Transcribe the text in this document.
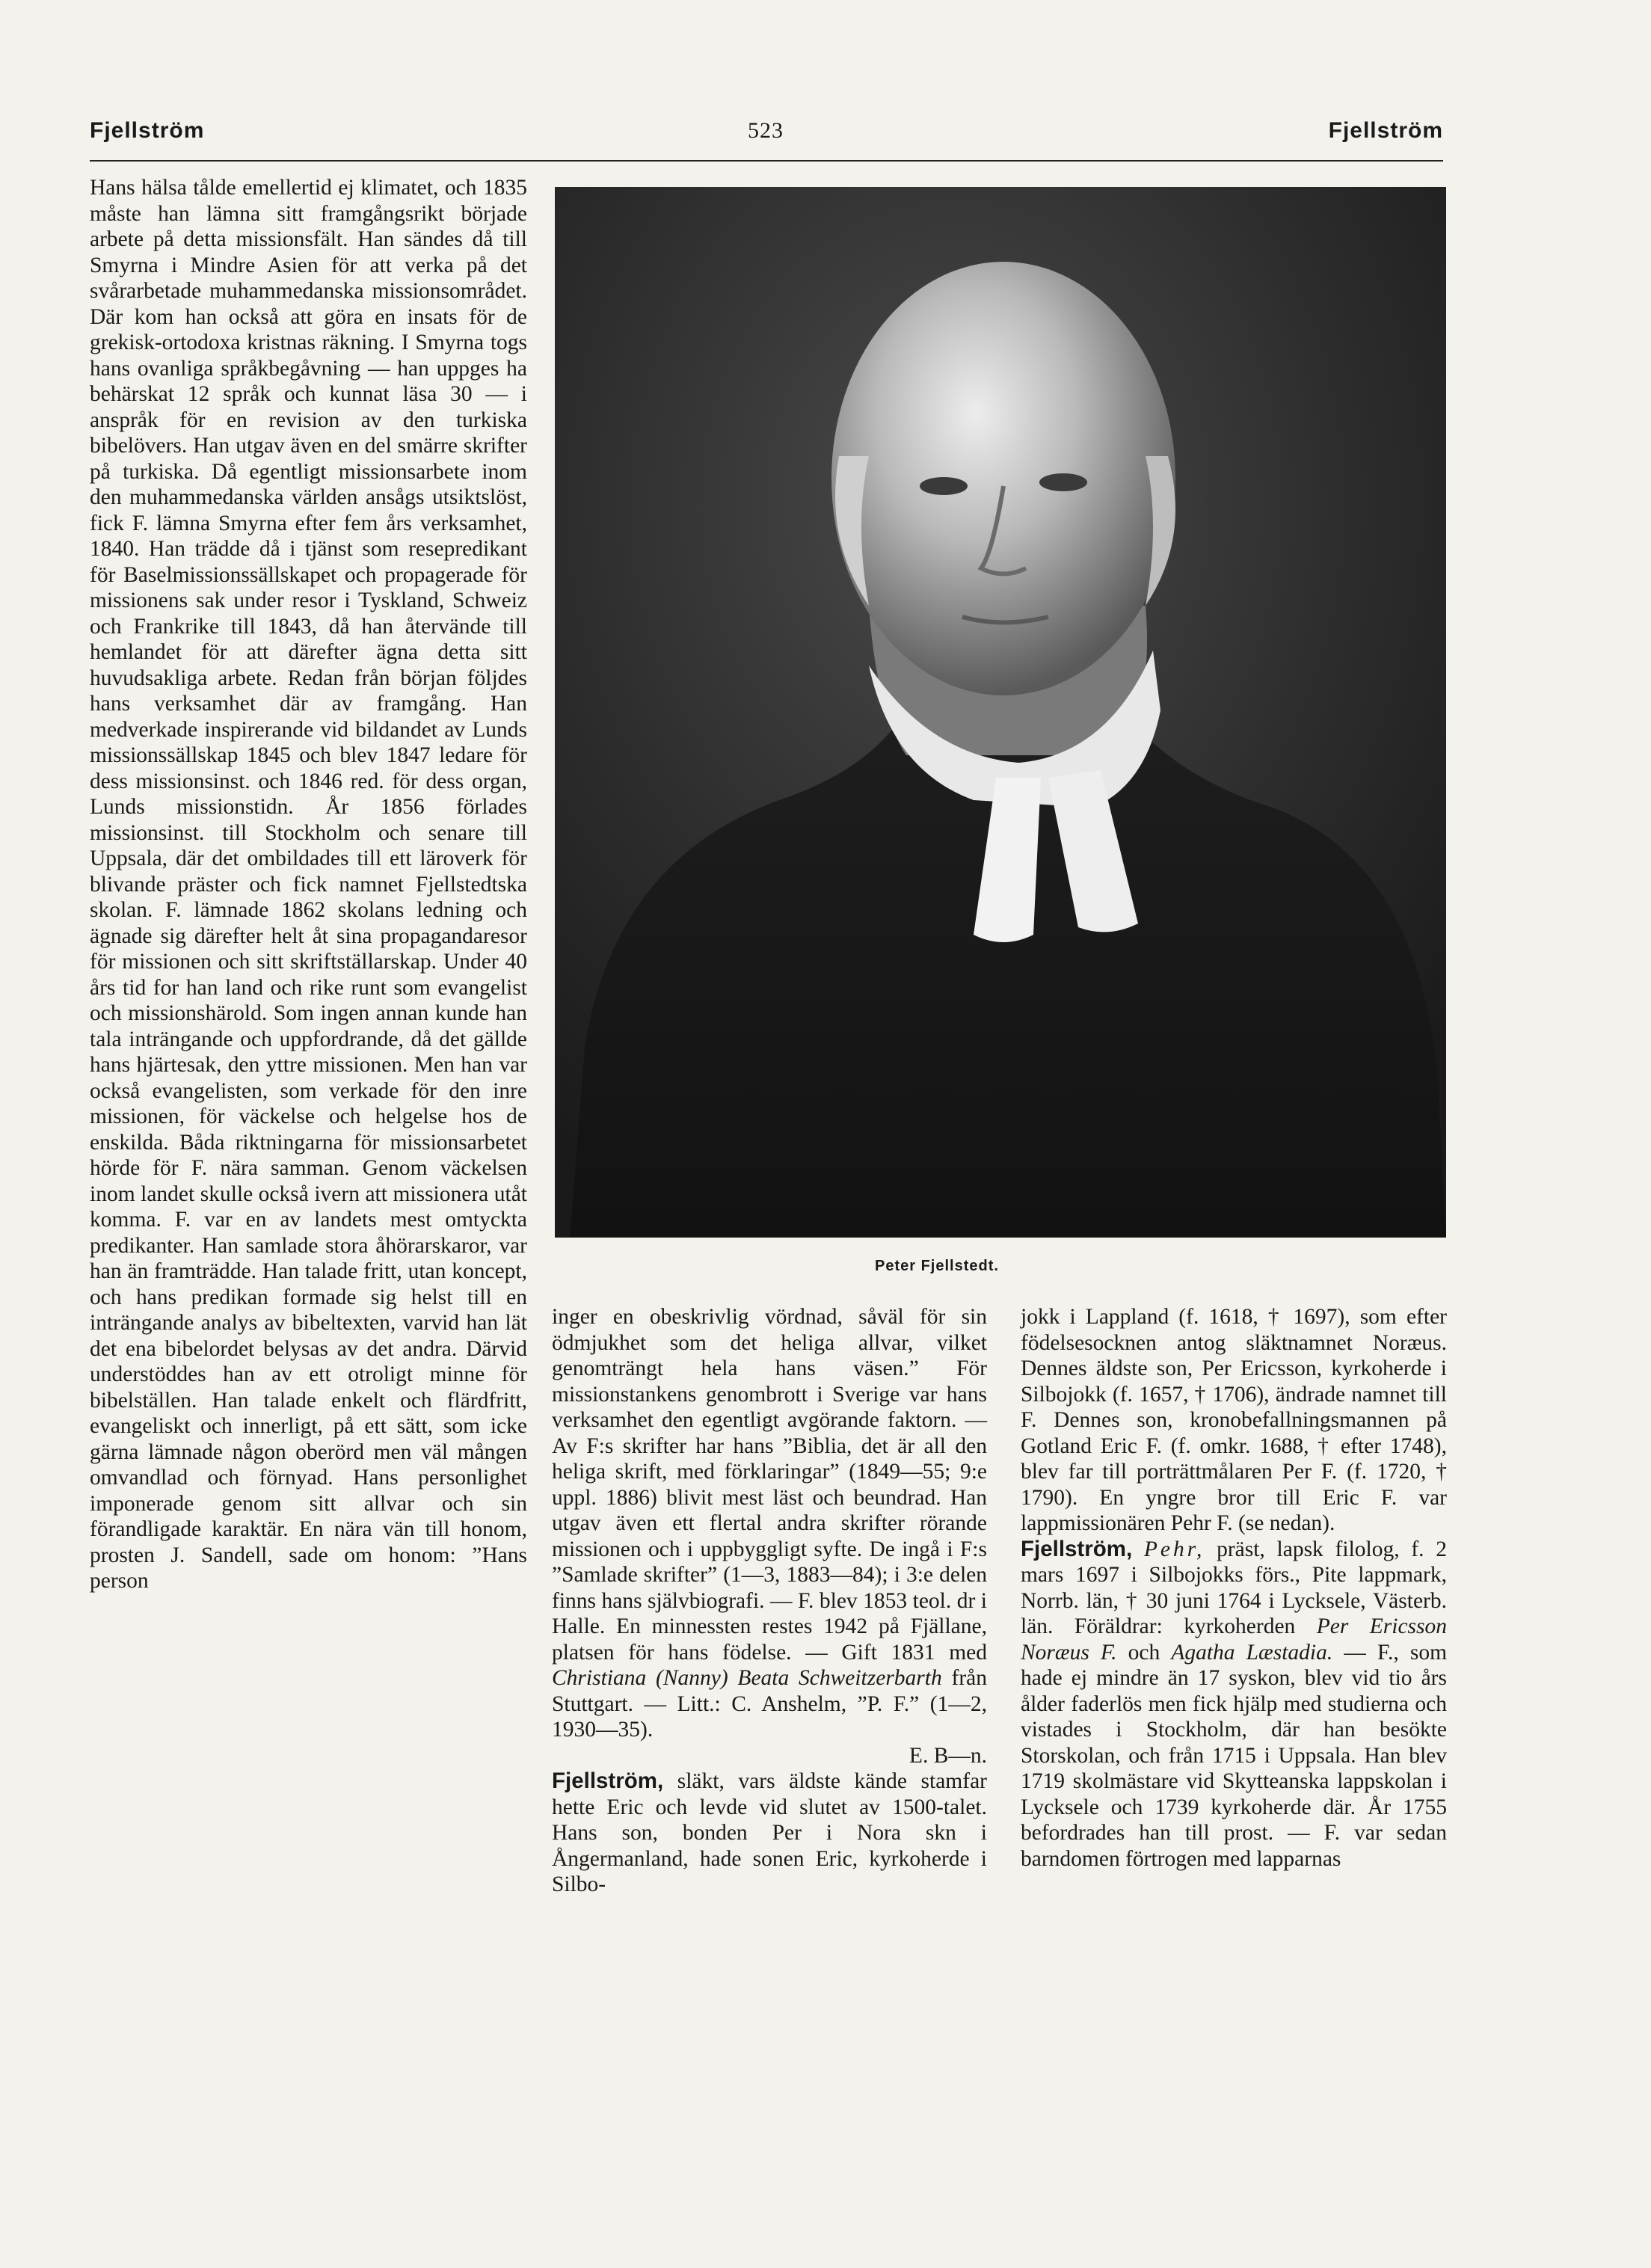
Fjellström	523	Fjellström

Hans hälsa tålde emellertid ej klimatet, och 1835 måste han lämna sitt framgångsrikt började arbete på detta missionsfält. Han sändes då till Smyrna i Mindre Asien för att verka på det svårarbetade muhammedanska missionsområdet. Där kom han också att göra en insats för de grekisk-ortodoxa kristnas räkning. I Smyrna togs hans ovanliga språkbegåvning — han uppges ha behärskat 12 språk och kunnat läsa 30 — i anspråk för en revision av den turkiska bibelövers. Han utgav även en del smärre skrifter på turkiska. Då egentligt missionsarbete inom den muhammedanska världen ansågs utsiktslöst, fick F. lämna Smyrna efter fem års verksamhet, 1840. Han trädde då i tjänst som resepredikant för Baselmissionssällskapet och propagerade för missionens sak under resor i Tyskland, Schweiz och Frankrike till 1843, då han återvände till hemlandet för att därefter ägna detta sitt huvudsakliga arbete. Redan från början följdes hans verksamhet där av framgång. Han medverkade inspirerande vid bildandet av Lunds missionssällskap 1845 och blev 1847 ledare för dess missionsinst. och 1846 red. för dess organ, Lunds missionstidn. År 1856 förlades missionsinst. till Stockholm och senare till Uppsala, där det ombildades till ett läroverk för blivande präster och fick namnet Fjellstedtska skolan. F. lämnade 1862 skolans ledning och ägnade sig därefter helt åt sina propagandaresor för missionen och sitt skriftställarskap. Under 40 års tid for han land och rike runt som evangelist och missionshärold. Som ingen annan kunde han tala inträngande och uppfordrande, då det gällde hans hjärtesak, den yttre missionen. Men han var också evangelisten, som verkade för den inre missionen, för väckelse och helgelse hos de enskilda. Båda riktningarna för missionsarbetet hörde för F. nära samman. Genom väckelsen inom landet skulle också ivern att missionera utåt komma. F. var en av landets mest omtyckta predikanter. Han samlade stora åhörarskaror, var han än framträdde. Han talade fritt, utan koncept, och hans predikan formade sig helst till en inträngande analys av bibeltexten, varvid han lät det ena bibelordet belysas av det andra. Därvid understöddes han av ett otroligt minne för bibelställen. Han talade enkelt och flärdfritt, evangeliskt och innerligt, på ett sätt, som icke gärna lämnade någon oberörd men väl mången omvandlad och förnyad. Hans personlighet imponerade genom sitt allvar och sin förandligade karaktär. En nära vän till honom, prosten J. Sandell, sade om honom: ”Hans person

Peter Fjellstedt.

inger en obeskrivlig vördnad, såväl för sin ödmjukhet som det heliga allvar, vilket genomträngt hela hans väsen.” För missionstankens genombrott i Sverige var hans verksamhet den egentligt avgörande faktorn. — Av F:s skrifter har hans ”Biblia, det är all den heliga skrift, med förklaringar” (1849—55; 9:e uppl. 1886) blivit mest läst och beundrad. Han utgav även ett flertal andra skrifter rörande missionen och i uppbyggligt syfte. De ingå i F:s ”Samlade skrifter” (1—3, 1883—84); i 3:e delen finns hans självbiografi. — F. blev 1853 teol. dr i Halle. En minnessten restes 1942 på Fjällane, platsen för hans födelse. — Gift 1831 med Christiana (Nanny) Beata Schweitzerbarth från Stuttgart. — Litt.: C. Anshelm, ”P. F.” (1—2, 1930—35).

E. B—n.

Fjellström, släkt, vars äldste kände stamfar hette Eric och levde vid slutet av 1500-talet. Hans son, bonden Per i Nora skn i Ångermanland, hade sonen Eric, kyrkoherde i Silbo-

jokk i Lappland (f. 1618, † 1697), som efter födelsesocknen antog släktnamnet Noræus. Dennes äldste son, Per Ericsson, kyrkoherde i Silbojokk (f. 1657, † 1706), ändrade namnet till F. Dennes son, kronobefallningsmannen på Gotland Eric F. (f. omkr. 1688, † efter 1748), blev far till porträttmålaren Per F. (f. 1720, † 1790). En yngre bror till Eric F. var lappmissionären Pehr F. (se nedan).

Fjellström, Pehr, präst, lapsk filolog, f. 2 mars 1697 i Silbojokks förs., Pite lappmark, Norrb. län, † 30 juni 1764 i Lycksele, Västerb. län. Föräldrar: kyrkoherden Per Ericsson Noræus F. och Agatha Læstadia. — F., som hade ej mindre än 17 syskon, blev vid tio års ålder faderlös men fick hjälp med studierna och vistades i Stockholm, där han besökte Storskolan, och från 1715 i Uppsala. Han blev 1719 skolmästare vid Skytteanska lappskolan i Lycksele och 1739 kyrkoherde där. År 1755 befordrades han till prost. — F. var sedan barndomen förtrogen med lapparnas
